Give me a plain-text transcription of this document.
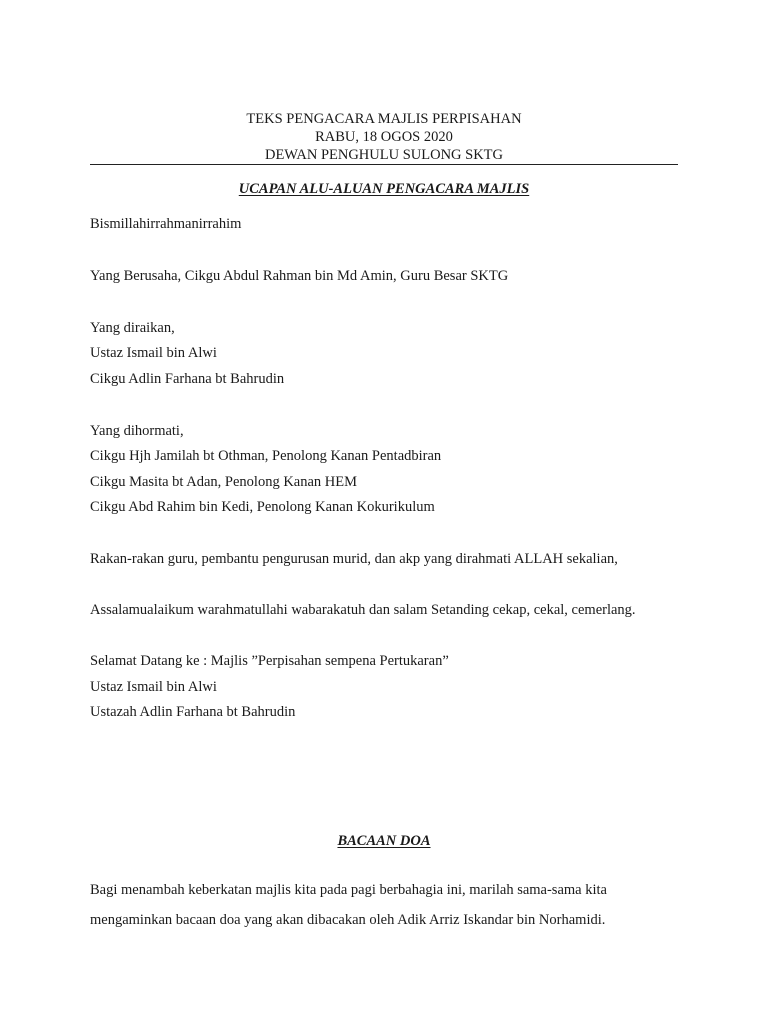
TEKS PENGACARA MAJLIS PERPISAHAN
RABU, 18 OGOS 2020
DEWAN PENGHULU SULONG SKTG
UCAPAN ALU-ALUAN PENGACARA MAJLIS
Bismillahirrahmanirrahim
Yang Berusaha, Cikgu Abdul Rahman bin Md Amin, Guru Besar SKTG
Yang diraikan,
Ustaz Ismail bin Alwi
Cikgu Adlin Farhana bt Bahrudin
Yang dihormati,
Cikgu Hjh Jamilah bt Othman, Penolong Kanan Pentadbiran
Cikgu Masita bt Adan, Penolong Kanan HEM
Cikgu Abd Rahim bin Kedi, Penolong Kanan Kokurikulum
Rakan-rakan guru, pembantu pengurusan murid, dan akp yang dirahmati ALLAH sekalian,
Assalamualaikum warahmatullahi wabarakatuh dan salam Setanding cekap, cekal, cemerlang.
Selamat Datang ke : Majlis ”Perpisahan sempena Pertukaran”
Ustaz Ismail bin Alwi
Ustazah Adlin Farhana bt Bahrudin
BACAAN DOA
Bagi menambah keberkatan majlis kita pada pagi berbahagia ini, marilah sama-sama kita
mengaminkan bacaan doa yang akan dibacakan oleh Adik Arriz Iskandar bin Norhamidi.
